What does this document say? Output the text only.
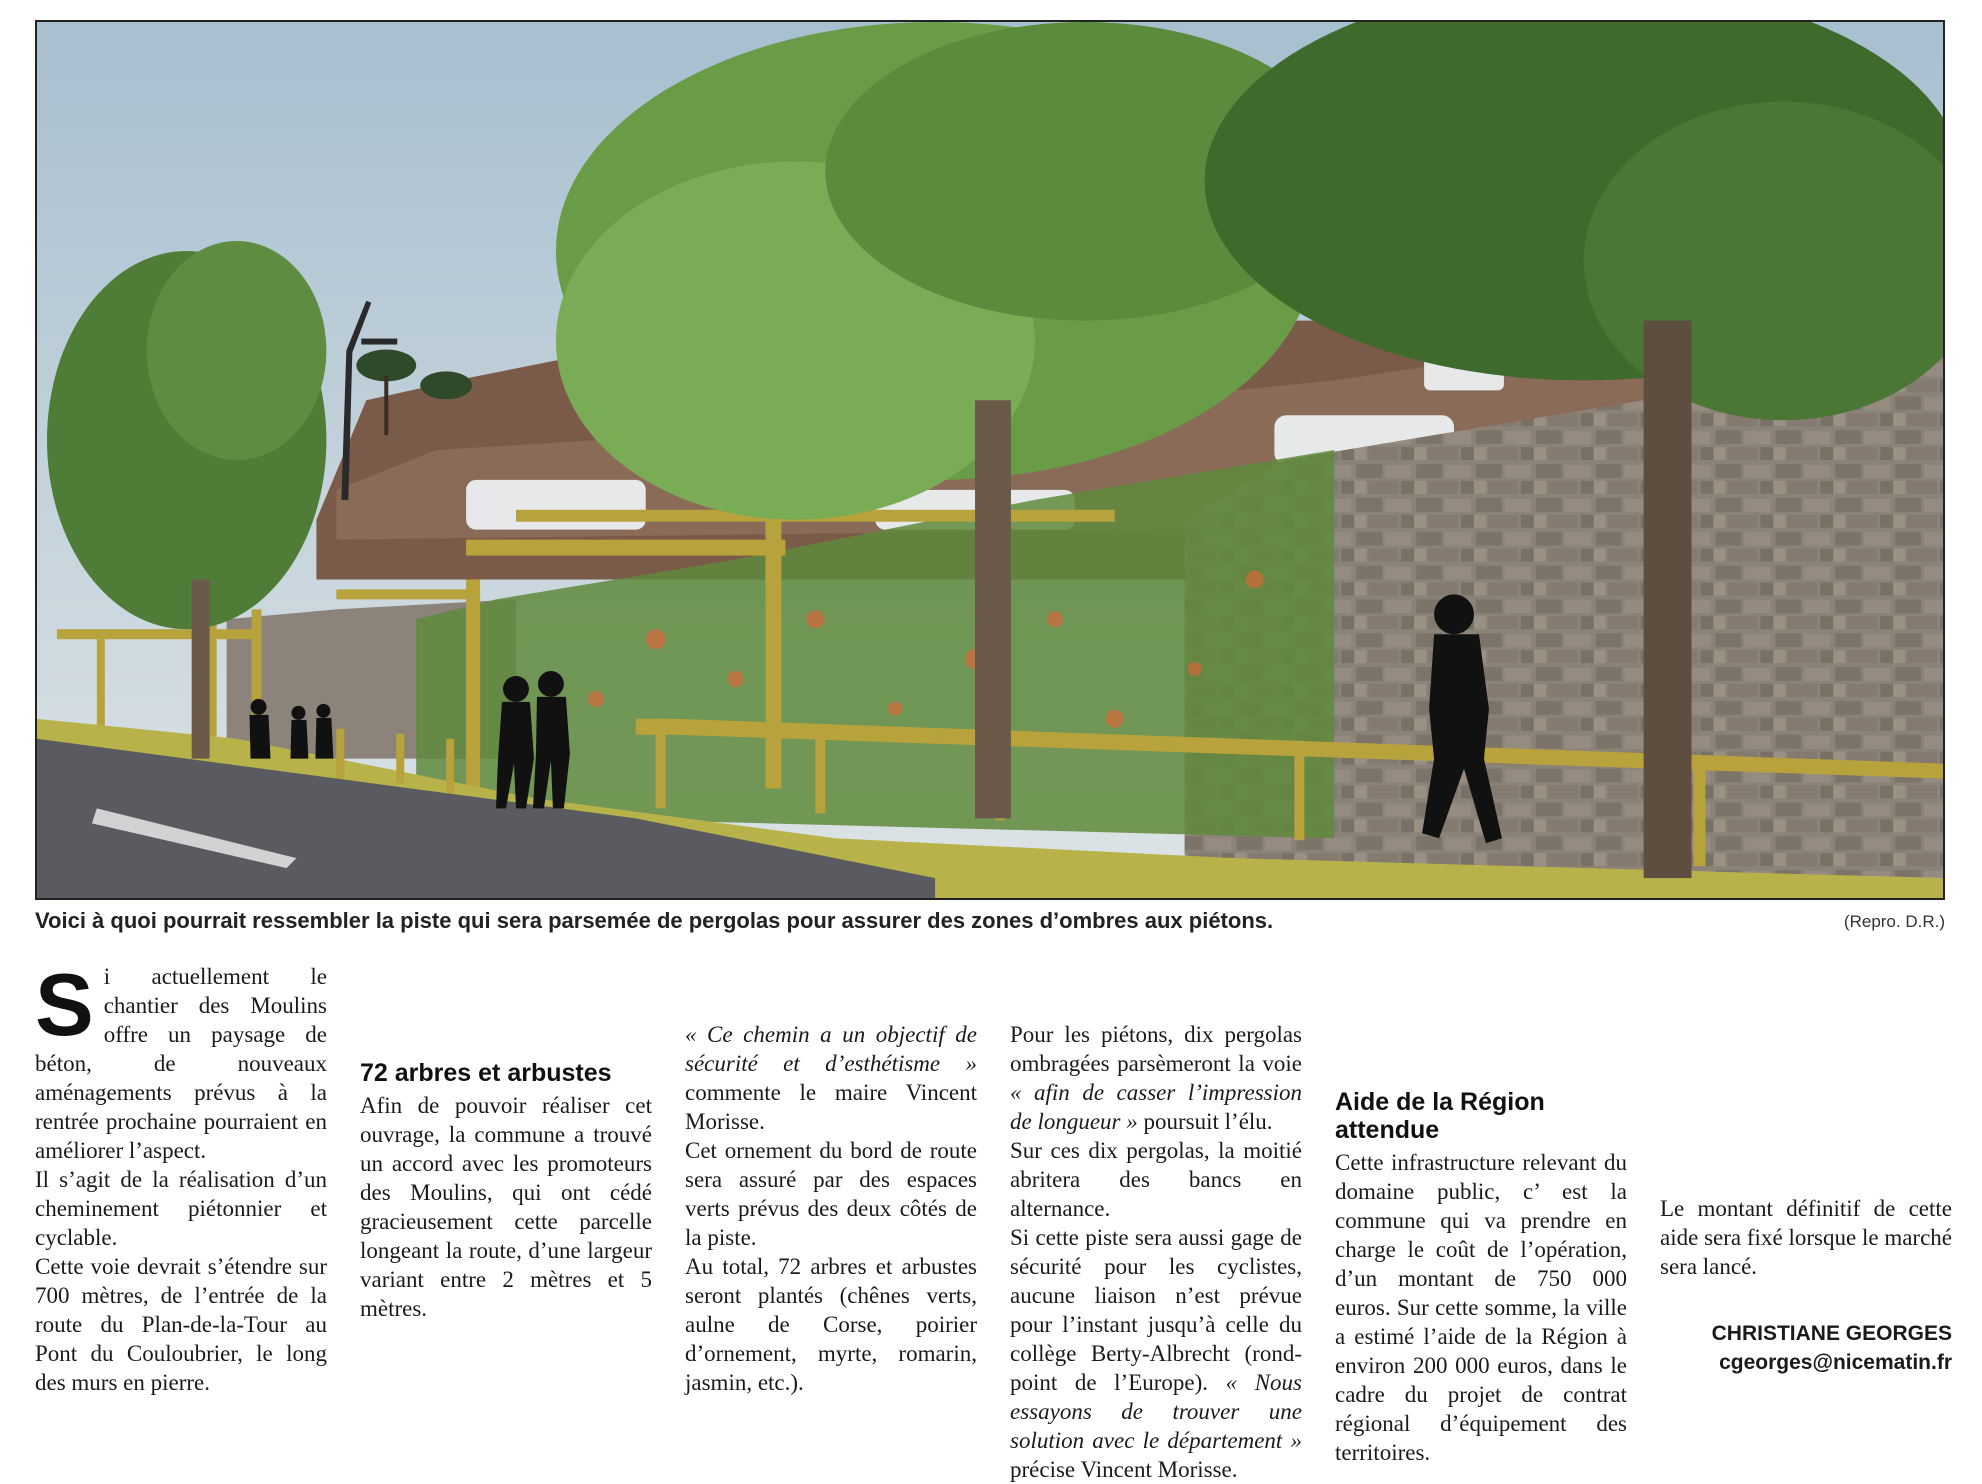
Voici à quoi pourrait ressembler la piste qui sera parsemée de pergolas pour assurer des zones d’ombres aux piétons.	(Repro. D.R.)

Si actuellement le chantier des Moulins offre un paysage de béton, de nouveaux aménagements prévus à la rentrée prochaine pourraient en améliorer l’aspect.

Il s’agit de la réalisation d’un cheminement piétonnier et cyclable.

Cette voie devrait s’étendre sur 700 mètres, de l’entrée de la route du Plan-de-la-Tour au Pont du Couloubrier, le long des murs en pierre.

72 arbres et arbustes

Afin de pouvoir réaliser cet ouvrage, la commune a trouvé un accord avec les promoteurs des Moulins, qui ont cédé gracieusement cette parcelle longeant la route, d’une largeur variant entre 2 mètres et 5 mètres.

« Ce chemin a un objectif de sécurité et d’esthétisme » commente le maire Vincent Morisse.

Cet ornement du bord de route sera assuré par des espaces verts prévus des deux côtés de la piste.

Au total, 72 arbres et arbustes seront plantés (chênes verts, aulne de Corse, poirier d’ornement, myrte, romarin, jasmin, etc.).

Pour les piétons, dix pergolas ombragées parsèmeront la voie « afin de casser l’impression de longueur » poursuit l’élu.

Sur ces dix pergolas, la moitié abritera des bancs en alternance.

Si cette piste sera aussi gage de sécurité pour les cyclistes, aucune liaison n’est prévue pour l’instant jusqu’à celle du collège Berty-Albrecht (rond-point de l’Europe). « Nous essayons de trouver une solution avec le département » précise Vincent Morisse.

Aide de la Région attendue

Cette infrastructure relevant du domaine public, c’ est la commune qui va prendre en charge le coût de l’opération, d’un montant de 750 000 euros. Sur cette somme, la ville a estimé l’aide de la Région à environ 200 000 euros, dans le cadre du projet de contrat régional d’équipement des territoires.

Le montant définitif de cette aide sera fixé lorsque le marché sera lancé.

CHRISTIANE GEORGES
cgeorges@nicematin.fr
